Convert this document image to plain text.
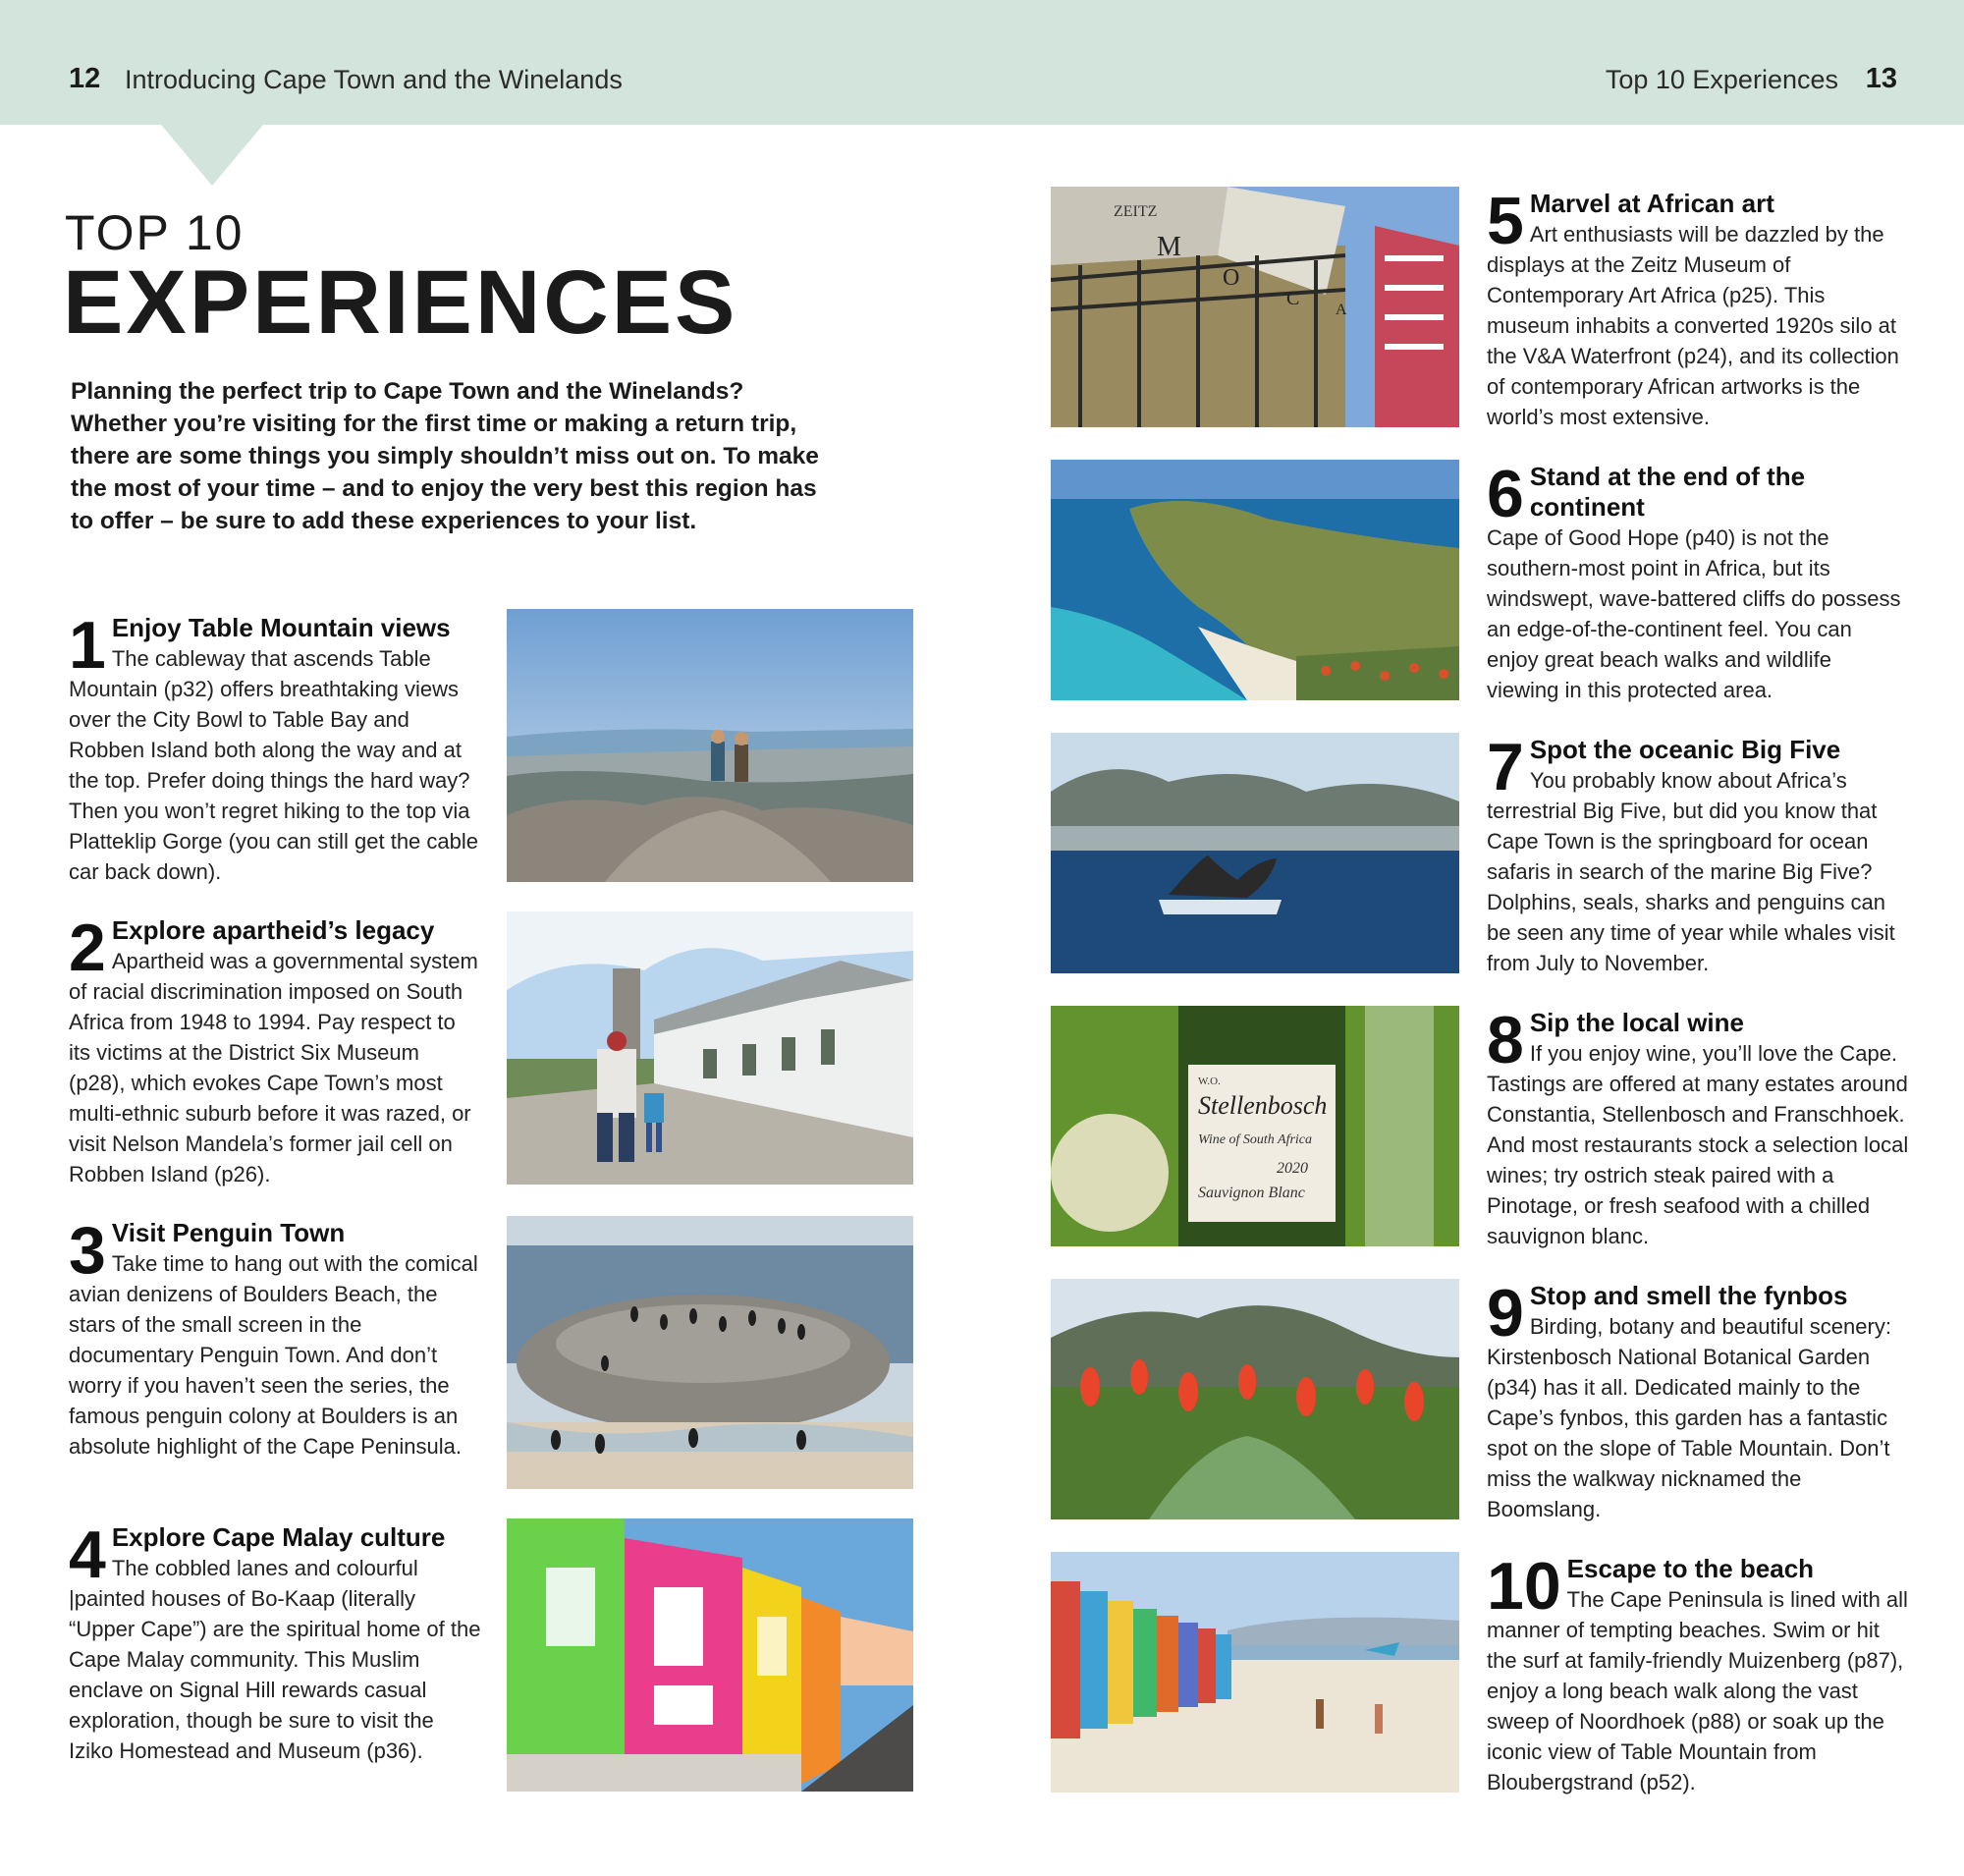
12 Introducing Cape Town and the Winelands	Top 10 Experiences 13
TOP 10
EXPERIENCES
Planning the perfect trip to Cape Town and the Winelands? Whether you’re visiting for the first time or making a return trip, there are some things you simply shouldn’t miss out on. To make the most of your time – and to enjoy the very best this region has to offer – be sure to add these experiences to your list.
1 Enjoy Table Mountain views
The cableway that ascends Table Mountain (p32) offers breathtaking views over the City Bowl to Table Bay and Robben Island both along the way and at the top. Prefer doing things the hard way? Then you won’t regret hiking to the top via Platteklip Gorge (you can still get the cable car back down).
2 Explore apartheid’s legacy
Apartheid was a governmental system of racial discrimination imposed on South Africa from 1948 to 1994. Pay respect to its victims at the District Six Museum (p28), which evokes Cape Town’s most multi-ethnic suburb before it was razed, or visit Nelson Mandela’s former jail cell on Robben Island (p26).
3 Visit Penguin Town
Take time to hang out with the comical avian denizens of Boulders Beach, the stars of the small screen in the documentary Penguin Town. And don’t worry if you haven’t seen the series, the famous penguin colony at Boulders is an absolute highlight of the Cape Peninsula.
4 Explore Cape Malay culture
The cobbled lanes and colourful |painted houses of Bo-Kaap (literally “Upper Cape”) are the spiritual home of the Cape Malay community. This Muslim enclave on Signal Hill rewards casual exploration, though be sure to visit the Iziko Homestead and Museum (p36).
5 Marvel at African art
Art enthusiasts will be dazzled by the displays at the Zeitz Museum of Contemporary Art Africa (p25). This museum inhabits a converted 1920s silo at the V&A Waterfront (p24), and its collection of contemporary African artworks is the world’s most extensive.
6 Stand at the end of the continent
Cape of Good Hope (p40) is not the southern-most point in Africa, but its windswept, wave-battered cliffs do possess an edge-of-the-continent feel. You can enjoy great beach walks and wildlife viewing in this protected area.
7 Spot the oceanic Big Five
You probably know about Africa’s terrestrial Big Five, but did you know that Cape Town is the springboard for ocean safaris in search of the marine Big Five? Dolphins, seals, sharks and penguins can be seen any time of year while whales visit from July to November.
8 Sip the local wine
If you enjoy wine, you’ll love the Cape. Tastings are offered at many estates around Constantia, Stellenbosch and Franschhoek. And most restaurants stock a selection local wines; try ostrich steak paired with a Pinotage, or fresh seafood with a chilled sauvignon blanc.
9 Stop and smell the fynbos
Birding, botany and beautiful scenery: Kirstenbosch National Botanical Garden (p34) has it all. Dedicated mainly to the Cape’s fynbos, this garden has a fantastic spot on the slope of Table Mountain. Don’t miss the walkway nicknamed the Boomslang.
10 Escape to the beach
The Cape Peninsula is lined with all manner of tempting beaches. Swim or hit the surf at family-friendly Muizenberg (p87), enjoy a long beach walk along the vast sweep of Noordhoek (p88) or soak up the iconic view of Table Mountain from Bloubergstrand (p52).
ZEITZ
M
O
C
A
W.O.
Stellenbosch
Wine of South Africa
2020
Sauvignon Blanc
